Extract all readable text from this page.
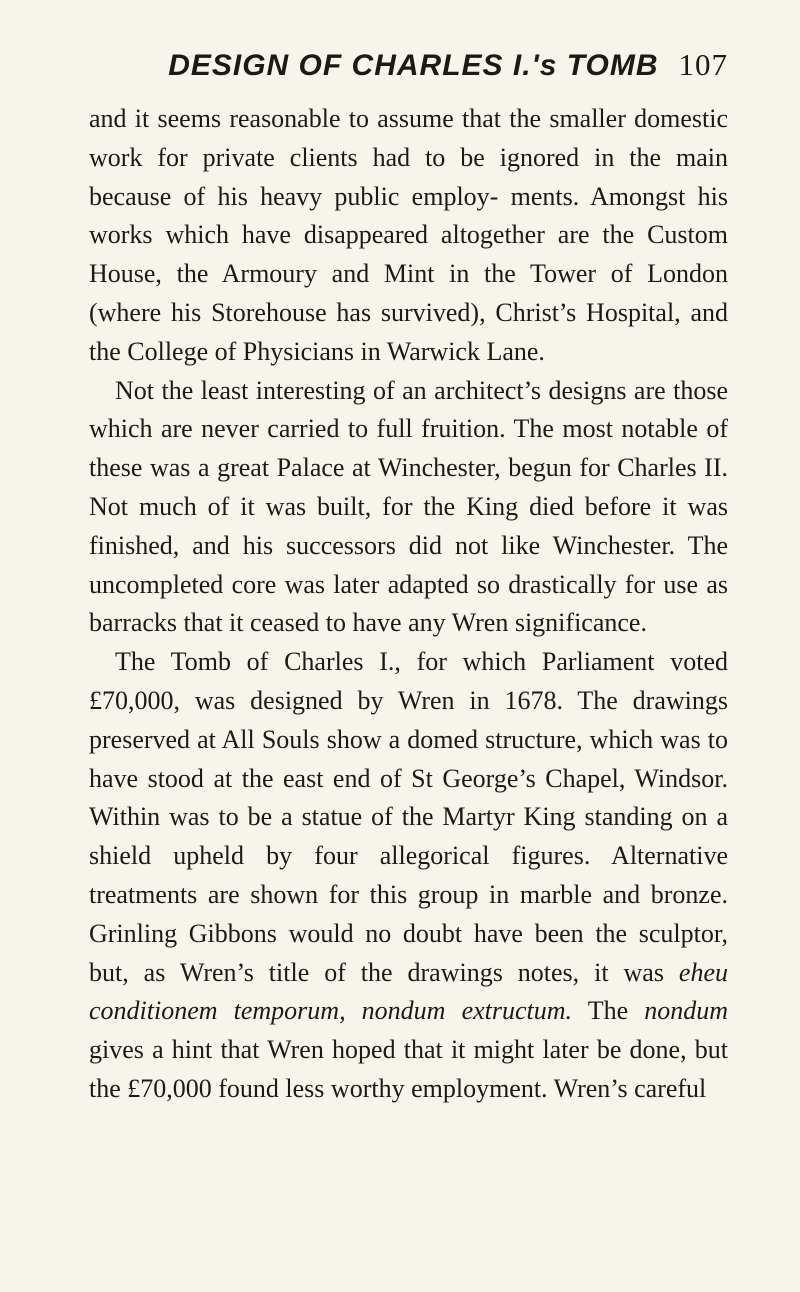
DESIGN OF CHARLES I.'s TOMB 107

and it seems reasonable to assume that the smaller domestic work for private clients had to be ignored in the main because of his heavy public employ- ments. Amongst his works which have disappeared altogether are the Custom House, the Armoury and Mint in the Tower of London (where his Storehouse has survived), Christ’s Hospital, and the College of Physicians in Warwick Lane.

Not the least interesting of an architect’s designs are those which are never carried to full fruition. The most notable of these was a great Palace at Winchester, begun for Charles II. Not much of it was built, for the King died before it was finished, and his successors did not like Winchester. The uncompleted core was later adapted so drastically for use as barracks that it ceased to have any Wren significance.

The Tomb of Charles I., for which Parliament voted £70,000, was designed by Wren in 1678. The drawings preserved at All Souls show a domed structure, which was to have stood at the east end of St George’s Chapel, Windsor. Within was to be a statue of the Martyr King standing on a shield upheld by four allegorical figures. Alternative treatments are shown for this group in marble and bronze. Grinling Gibbons would no doubt have been the sculptor, but, as Wren’s title of the drawings notes, it was eheu conditionem temporum, nondum extructum. The nondum gives a hint that Wren hoped that it might later be done, but the £70,000 found less worthy employment. Wren’s careful
